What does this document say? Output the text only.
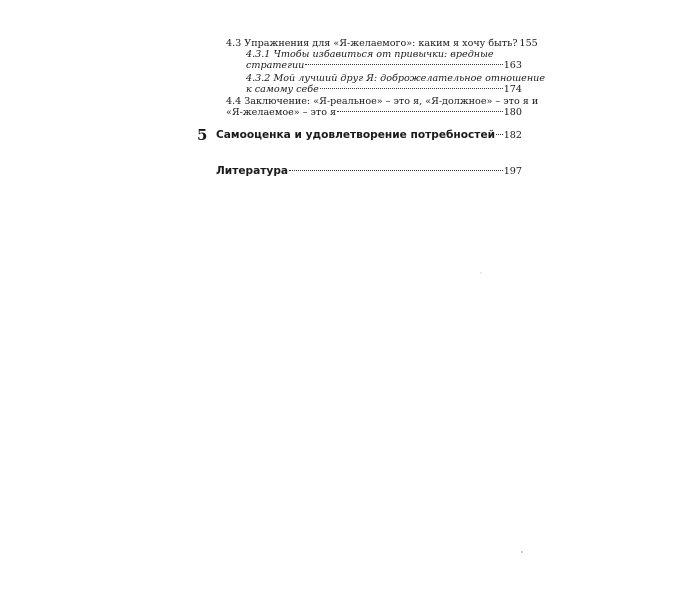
4.3 Упражнения для «Я-желаемого»: каким я хочу быть? 155
4.3.1 Чтобы избавиться от привычки: вредные
стратегии	163
4.3.2 Мой лучший друг Я: доброжелательное отношение
к самому себе	174
4.4 Заключение: «Я-реальное» – это я, «Я-должное» – это я и
«Я-желаемое» – это я	180
5 Самооценка и удовлетворение потребностей 182
Литература	197
